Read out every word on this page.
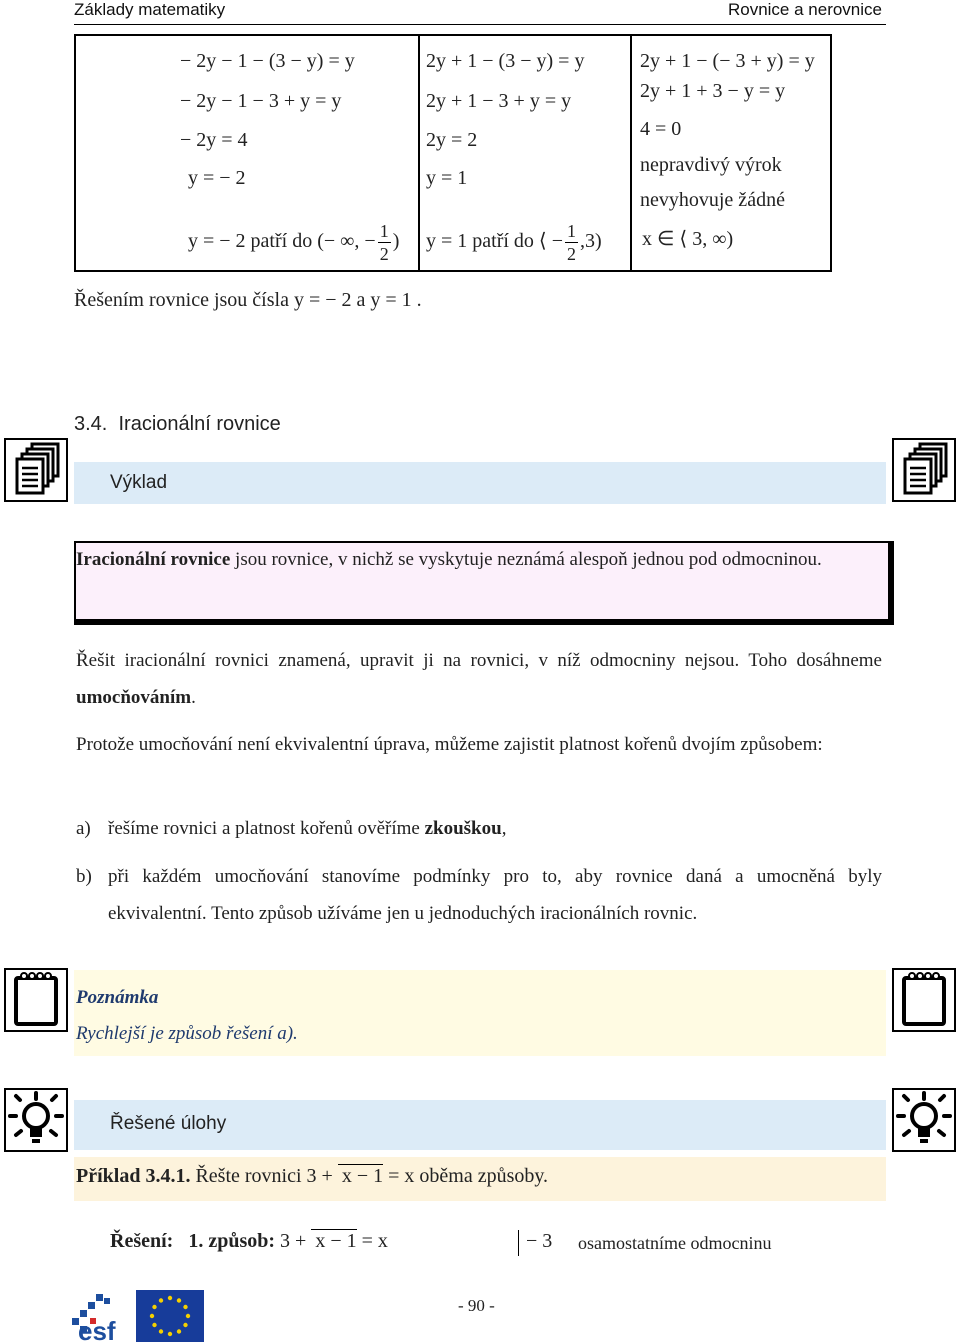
Základy matematiky	Rovnice a nerovnice
− 2y − 1 − (3 − y) = y
− 2y − 1 − 3 + y = y
− 2y = 4
y = − 2
y = − 2 patří do (− ∞, − $\frac{1}{2}$ )
2y + 1 − (3 − y) = y
2y + 1 − 3 + y = y
2y = 2
y = 1
y = 1 patří do ⟨ − $\frac{1}{2} ,3$)
2y + 1 − (− 3 + y) = y
2y + 1 + 3 − y = y
4 = 0
nepravdivý výrok
nevyhovuje žádné
x ∈ ⟨ 3, ∞)
Řešením rovnice jsou čísla y = − 2 a y = 1 .
3.4. Iracionální rovnice
Výklad
Iracionální rovnice jsou rovnice, v nichž se vyskytuje neznámá alespoň jednou pod odmocninou.
Řešit iracionální rovnici znamená, upravit ji na rovnici, v níž odmocniny nejsou. Toho dosáhneme umocňováním.
Protože umocňování není ekvivalentní úprava, můžeme zajistit platnost kořenů dvojím způsobem:
a) řešíme rovnici a platnost kořenů ověříme zkouškou,
b) při každém umocňování stanovíme podmínky pro to, aby rovnice daná a umocněná byly ekvivalentní. Tento způsob užíváme jen u jednoduchých iracionálních rovnic.
Poznámka
Rychlejší je způsob řešení a).
Řešené úlohy
Příklad 3.4.1. Řešte rovnici 3 + x − 1 = x oběma způsoby.
Řešení: 1. způsob: 3 + x − 1 = x	− 3 osamostatníme odmocninu
esf
- 90 -
